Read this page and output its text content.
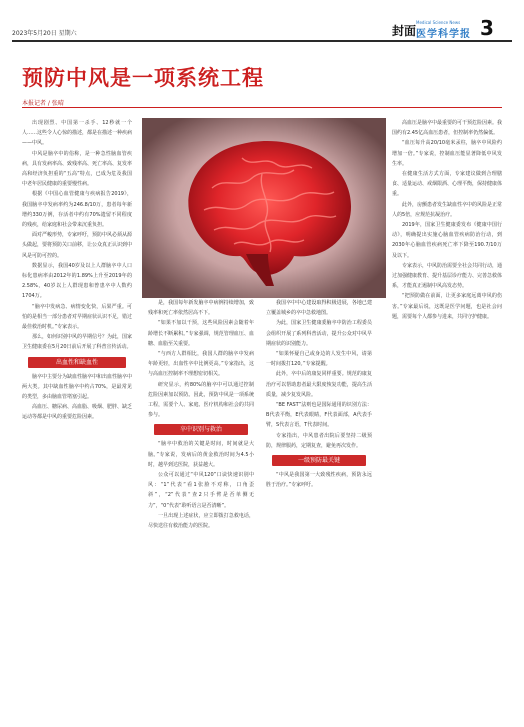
2023年5月20日 星期六	封面
Medical Science News
医学科学报 3
预防中风是一项系统工程
本报记者 / 张晴

出现剧烈、中国第一杀手、12秒就一个人……这些令人心惊的描述，都是在描述一种疾病——中风。

中风是脑卒中的俗称，是一种急性脑血管疾病，具有发病率高、致残率高、死亡率高、复发率高和经济负担重的“五高”特点，已成为危及我国中老年居民健康的重要慢性病。

根据《中国心血管健康与疾病报告2019》，我国脑卒中发病率约为246.8/10万，患者每年新增约330万例，存活者中约有70%遗留不同程度的残疾，给家庭和社会带来沉重负担。

面对严峻形势，专家呼吁，预防中风必须从源头做起，要将预防关口前移，让公众真正认识到中风是可防可控的。

数据显示，我国40岁及以上人群脑卒中人口标化患病率由2012年的1.89%上升至2019年的2.58%，40岁以上人群现患和曾患卒中人数约1704万。

“脑卒中发病急、病情变化快，后果严重。可怕的是相当一部分患者对早期症状认识不足，错过最佳救治时机。”专家表示。

那么，如何识别中风的早期信号？为此，国家卫生健康委在5月20日前后开展了科普宣传活动。

出血性和缺血性

脑卒中主要分为缺血性脑卒中和出血性脑卒中两大类。其中缺血性脑卒中约占70%，是最常见的类型，多由脑血管堵塞引起。

高血压、糖尿病、高血脂、吸烟、肥胖、缺乏运动等都是中风的重要危险因素。

是，我国每年新发脑卒中病例持续增加，致残率和死亡率依然居高不下。

“如果不加以干预，这些风险因素会随着年龄增长不断累积。”专家强调，规范管理血压、血糖、血脂至关重要。

“与西方人群相比，我国人群的脑卒中发病年龄更轻，出血性卒中比例更高。”专家指出，这与高血压控制率不理想密切相关。

研究显示，约80%的脑卒中可以通过控制危险因素加以预防。因此，预防中风是一项系统工程，需要个人、家庭、医疗机构和社会的共同参与。

卒中识别与救治

“脑卒中救治的关键是时间，时间就是大脑。”专家说，发病后的黄金救治时间为4.5小时，越早到达医院，获益越大。

公众可以通过“中风120”口诀快速识别中风：“1”代表“看1张脸不对称，口角歪斜”，“2”代表“查2只手臂是否单侧无力”，“0”代表“聆听语言是否清晰”。

一旦出现上述症状，应立即拨打急救电话，尽快送往有救治能力的医院。

我国卒中中心建设取得积极进展，各地已建立覆盖城乡的卒中急救地图。

为此，国家卫生健康委脑卒中防治工程委员会组织开展了系列科普活动，提升公众对中风早期症状的识别能力。

“如果怀疑自己或身边的人发生中风，请第一时间拨打120。”专家提醒。

此外，卒中后的康复同样重要。规范的康复治疗可以帮助患者最大限度恢复功能，提高生活质量，减少复发风险。

“BE FAST”法则也是国际通用的识别方法：B代表平衡，E代表眼睛，F代表面部，A代表手臂，S代表言语，T代表时间。

专家指出，中风患者出院后要坚持二级预防，规律服药，定期复查，避免再次发作。

一级预防最关键

“中风是我国第一大致残性疾病，预防永远胜于治疗。”专家呼吁。

高血压是脑卒中最重要的可干预危险因素。我国约有2.45亿高血压患者，但控制率仍然偏低。

“血压每升高20/10毫米汞柱，脑卒中风险约增加一倍。”专家说，控制血压能显著降低中风发生率。

在健康生活方式方面，专家建议做到合理膳食、适量运动、戒烟限酒、心理平衡，保持健康体重。

此外，房颤患者发生缺血性卒中的风险是正常人的5倍，应规范抗凝治疗。

2019年，国家卫生健康委发布《健康中国行动》，明确提出实施心脑血管疾病防治行动，到2030年心脑血管疾病死亡率下降至190.7/10万及以下。

专家表示，中风防治需要全社会共同行动，通过加强健康教育、提升基层诊疗能力、完善急救体系，才能真正遏制中风高发态势。

“把预防做在前面，让更多家庭远离中风的伤害。”专家最后说，这既是医学问题，也是社会问题，需要每个人都参与进来，共同守护健康。
